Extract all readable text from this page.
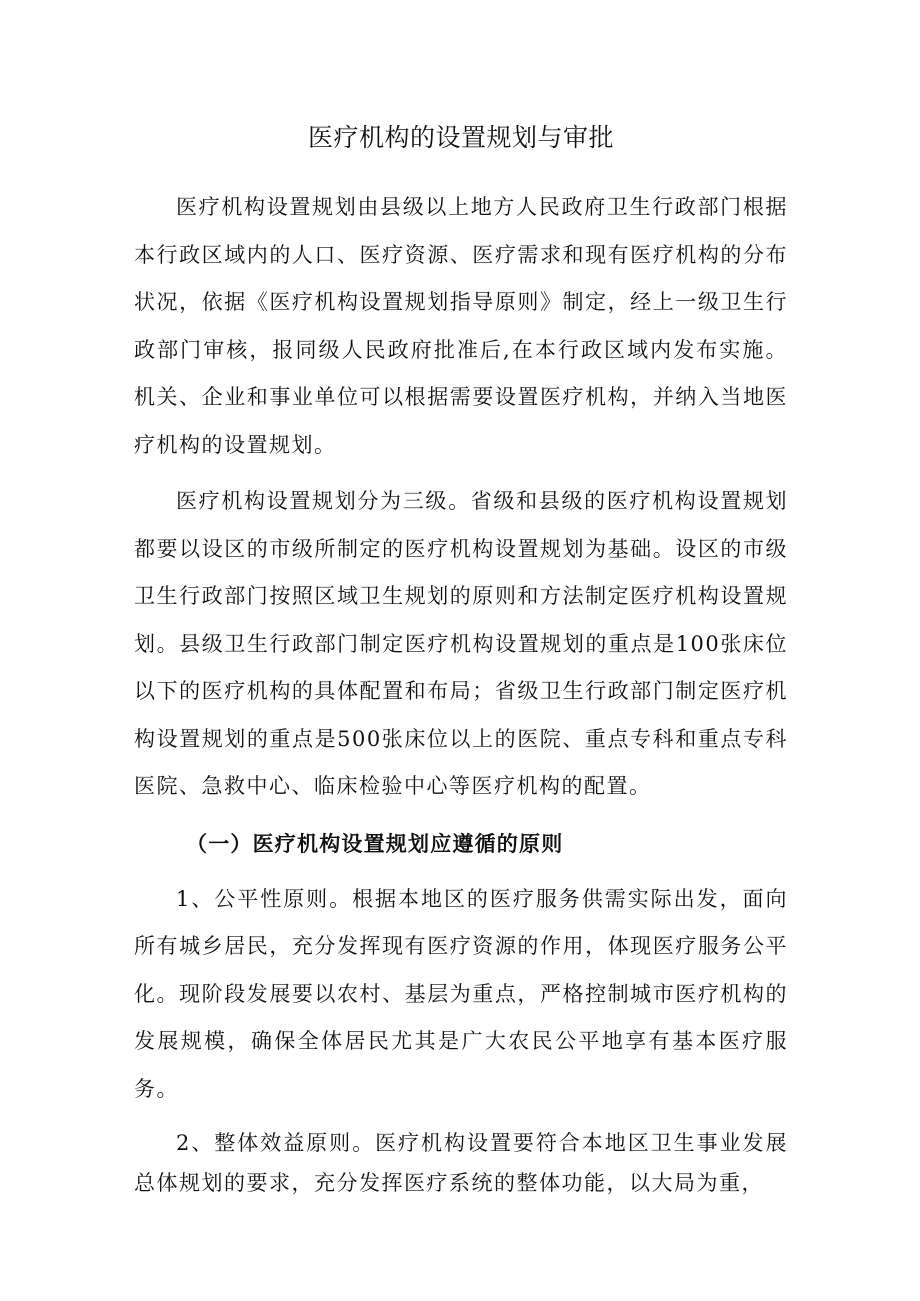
医疗机构的设置规划与审批

医疗机构设置规划由县级以上地方人民政府卫生行政部门根据本行政区域内的人口、医疗资源、医疗需求和现有医疗机构的分布状况，依据《医疗机构设置规划指导原则》制定，经上一级卫生行政部门审核，报同级人民政府批准后,在本行政区域内发布实施。机关、企业和事业单位可以根据需要设置医疗机构，并纳入当地医疗机构的设置规划。

医疗机构设置规划分为三级。省级和县级的医疗机构设置规划都要以设区的市级所制定的医疗机构设置规划为基础。设区的市级卫生行政部门按照区域卫生规划的原则和方法制定医疗机构设置规划。县级卫生行政部门制定医疗机构设置规划的重点是100张床位以下的医疗机构的具体配置和布局；省级卫生行政部门制定医疗机构设置规划的重点是500张床位以上的医院、重点专科和重点专科医院、急救中心、临床检验中心等医疗机构的配置。

（一）医疗机构设置规划应遵循的原则

1、公平性原则。根据本地区的医疗服务供需实际出发，面向所有城乡居民，充分发挥现有医疗资源的作用，体现医疗服务公平化。现阶段发展要以农村、基层为重点，严格控制城市医疗机构的发展规模，确保全体居民尤其是广大农民公平地享有基本医疗服务。

2、整体效益原则。医疗机构设置要符合本地区卫生事业发展总体规划的要求，充分发挥医疗系统的整体功能，以大局为重，
